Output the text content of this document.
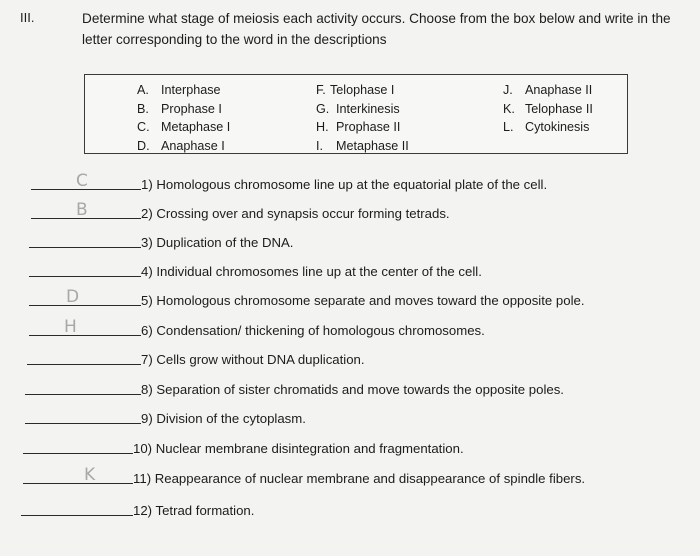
III.	Determine what stage of meiosis each activity occurs. Choose from the box below and write in the letter corresponding to the word in the descriptions
A. Interphase
B. Prophase I
C. Metaphase I
D. Anaphase I
F. Telophase I
G. Interkinesis
H. Prophase II
I. Metaphase II
J. Anaphase II
K. Telophase II
L. Cytokinesis
C	1) Homologous chromosome line up at the equatorial plate of the cell.
B	2) Crossing over and synapsis occur forming tetrads.
3) Duplication of the DNA.
4) Individual chromosomes line up at the center of the cell.
D	5) Homologous chromosome separate and moves toward the opposite pole.
H	6) Condensation/ thickening of homologous chromosomes.
7) Cells grow without DNA duplication.
8) Separation of sister chromatids and move towards the opposite poles.
9) Division of the cytoplasm.
10) Nuclear membrane disintegration and fragmentation.
K	11) Reappearance of nuclear membrane and disappearance of spindle fibers.
12) Tetrad formation.
